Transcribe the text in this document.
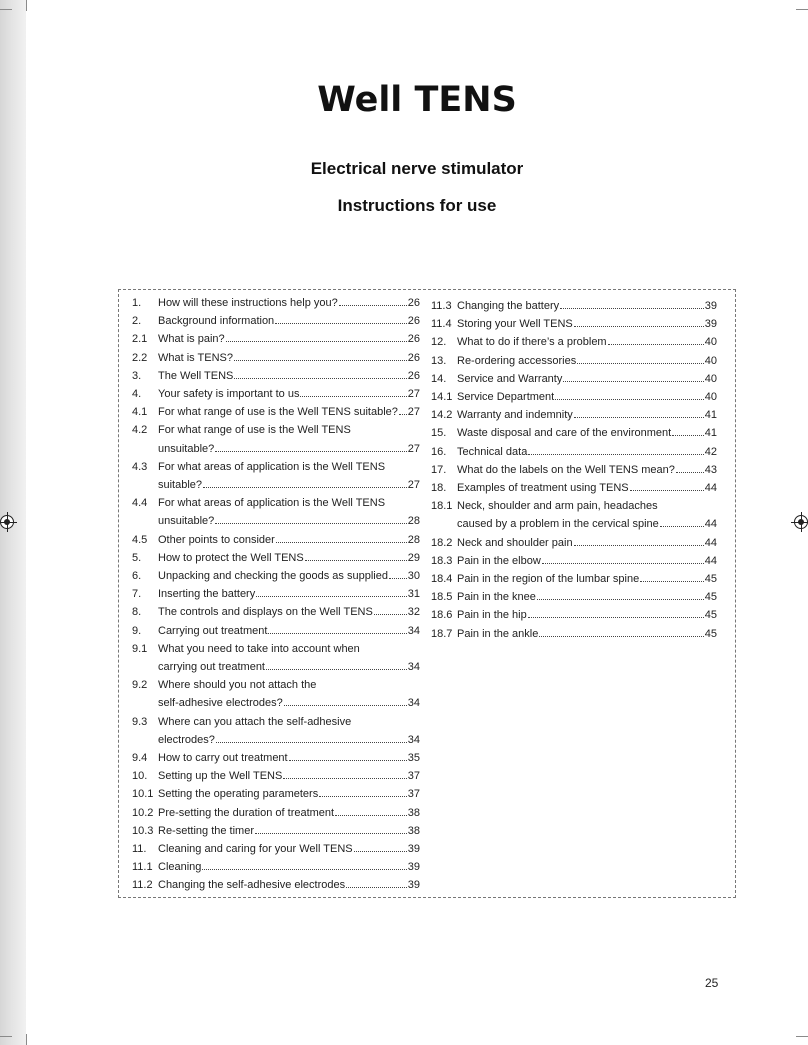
Well TENS
Electrical nerve stimulator
Instructions for use
1.	How will these instructions help you?	26
2.	Background information	26
2.1 What is pain?	26
2.2 What is TENS?	26
3.	The Well TENS	26
4.	Your safety is important to us	27
4.1 For what range of use is the Well TENS suitable? 27
4.2 For what range of use is the Well TENS
unsuitable?	27
4.3 For what areas of application is the Well TENS
suitable?	27
4.4 For what areas of application is the Well TENS
unsuitable?	28
4.5 Other points to consider	28
5.	How to protect the Well TENS	29
6.	Unpacking and checking the goods as supplied 30
7.	Inserting the battery	31
8.	The controls and displays on the Well TENS	32
9.	Carrying out treatment	34
9.1 What you need to take into account when
carrying out treatment	34
9.2 Where should you not attach the
self-adhesive electrodes?	34
9.3 Where can you attach the self-adhesive
electrodes?	34
9.4 How to carry out treatment	35
10. Setting up the Well TENS	37
10.1 Setting the operating parameters	37
10.2 Pre-setting the duration of treatment	38
10.3 Re-setting the timer	38
11.	Cleaning and caring for your Well TENS	39
11.1 Cleaning	39
11.2 Changing the self-adhesive electrodes	39
11.3 Changing the battery	39
11.4 Storing your Well TENS	39
12. What to do if there’s a problem	40
13. Re-ordering accessories	40
14. Service and Warranty	40
14.1 Service Department	40
14.2 Warranty and indemnity	41
15. Waste disposal and care of the environment	41
16. Technical data	42
17. What do the labels on the Well TENS mean?	43
18. Examples of treatment using TENS	44
18.1 Neck, shoulder and arm pain, headaches
caused by a problem in the cervical spine	44
18.2 Neck and shoulder pain	44
18.3 Pain in the elbow	44
18.4 Pain in the region of the lumbar spine	45
18.5 Pain in the knee	45
18.6 Pain in the hip	45
18.7 Pain in the ankle	45
25
